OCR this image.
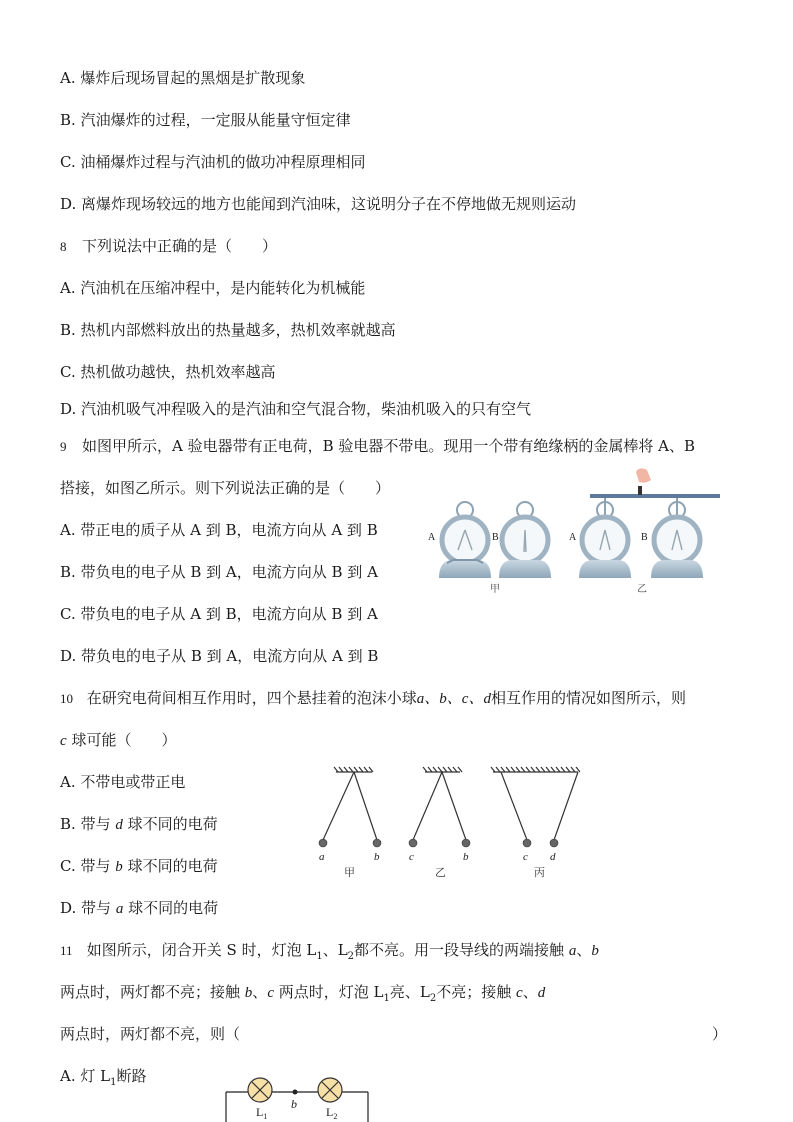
A. 爆炸后现场冒起的黑烟是扩散现象
B. 汽油爆炸的过程，一定服从能量守恒定律
C. 油桶爆炸过程与汽油机的做功冲程原理相同
D. 离爆炸现场较远的地方也能闻到汽油味，这说明分子在不停地做无规则运动
8 下列说法中正确的是（　　）
A. 汽油机在压缩冲程中，是内能转化为机械能
B. 热机内部燃料放出的热量越多，热机效率就越高
C. 热机做功越快，热机效率越高
D. 汽油机吸气冲程吸入的是汽油和空气混合物，柴油机吸入的只有空气
9 如图甲所示，A 验电器带有正电荷，B 验电器不带电。现用一个带有绝缘柄的金属棒将 A、B
搭接，如图乙所示。则下列说法正确的是（　　）
A. 带正电的质子从 A 到 B，电流方向从 A 到 B
B. 带负电的电子从 B 到 A，电流方向从 B 到 A
C. 带负电的电子从 A 到 B，电流方向从 B 到 A
D. 带负电的电子从 B 到 A，电流方向从 A 到 B
A	B	A	B
甲	乙
10 在研究电荷间相互作用时，四个悬挂着的泡沫小球a、b、c、d相互作用的情况如图所示，则
c 球可能（　　）
A. 不带电或带正电
B. 带与 d 球不同的电荷
C. 带与 b 球不同的电荷
D. 带与 a 球不同的电荷
a	b	c	b	c d
甲	乙	丙
11 如图所示，闭合开关 S 时，灯泡 $L_1$、$L_2$都不亮。用一段导线的两端接触 a、b
两点时，两灯都不亮；接触 b、c 两点时，灯泡 $L_1$亮、$L_2$不亮；接触 c、d
两点时，两灯都不亮，则（	）
A. 灯 $L_1$断路
$L_1$
b
$L_2$
